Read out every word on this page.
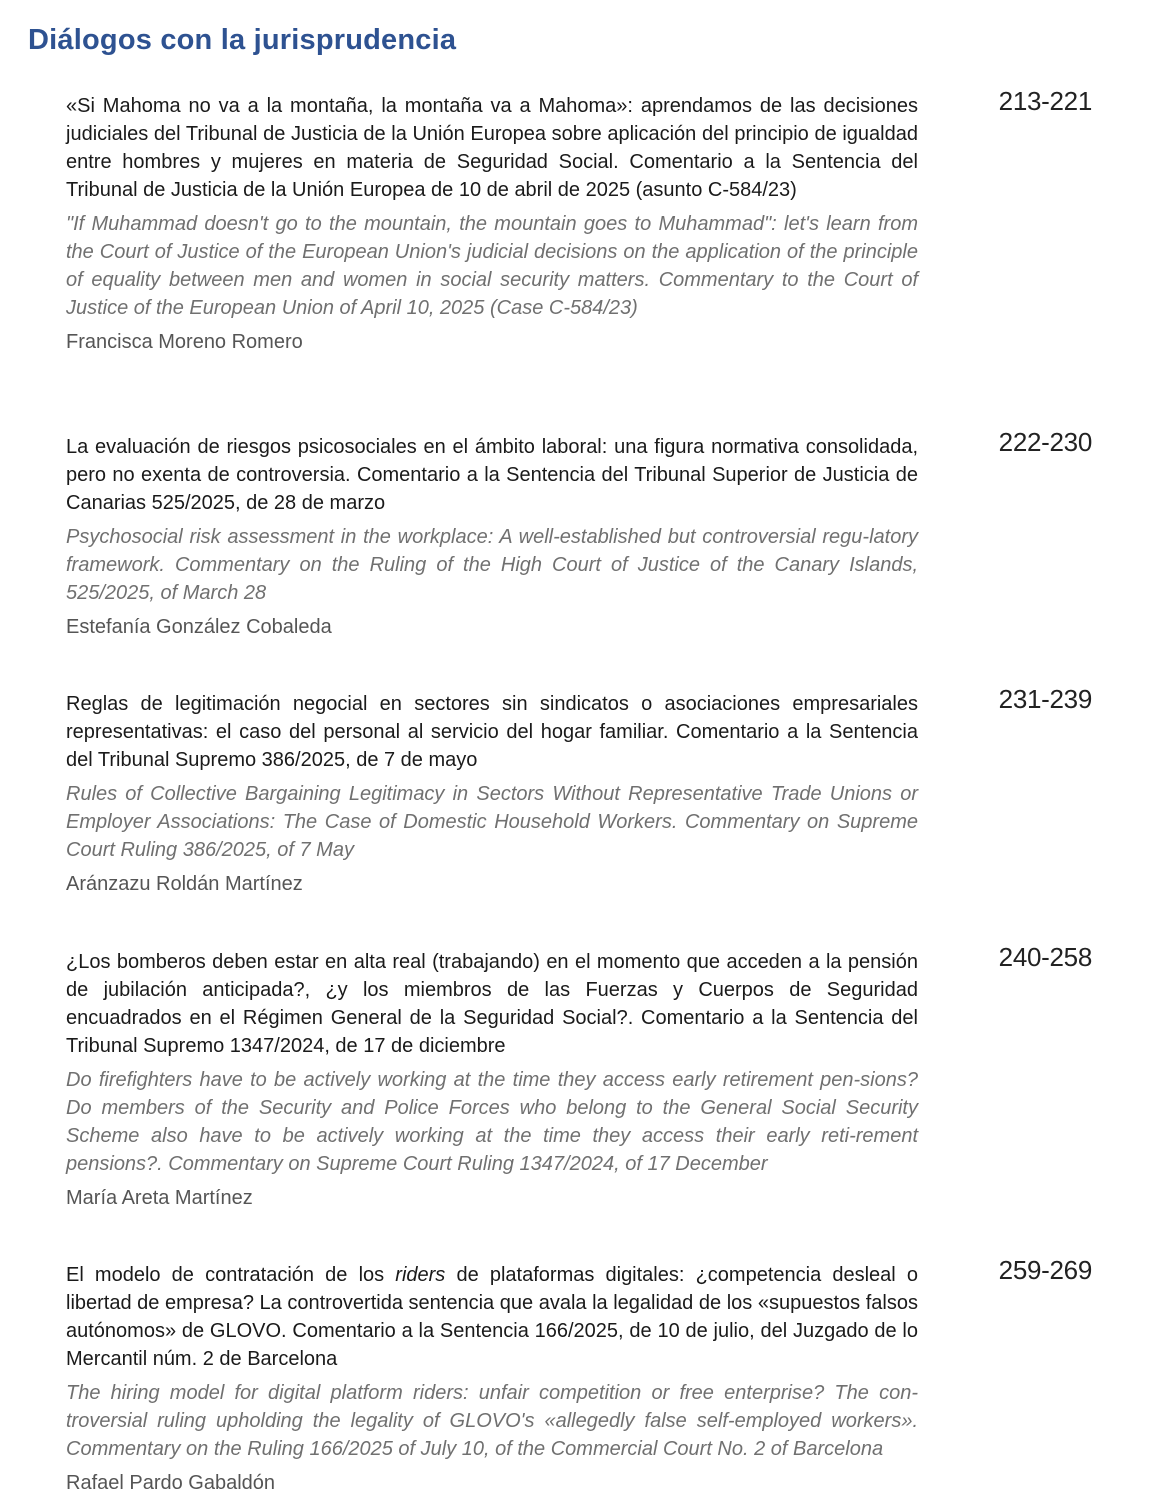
Diálogos con la jurisprudencia

«Si Mahoma no va a la montaña, la montaña va a Mahoma»: aprendamos de las decisiones judiciales del Tribunal de Justicia de la Unión Europea sobre aplicación del principio de igualdad entre hombres y mujeres en materia de Seguridad Social. Comentario a la Sentencia del Tribunal de Justicia de la Unión Europea de 10 de abril de 2025 (asunto C-584/23)

"If Muhammad doesn't go to the mountain, the mountain goes to Muhammad": let's learn from the Court of Justice of the European Union's judicial decisions on the application of the principle of equality between men and women in social security matters. Commentary to the Court of Justice of the European Union of April 10, 2025 (Case C-584/23)

Francisca Moreno Romero

213-221

La evaluación de riesgos psicosociales en el ámbito laboral: una figura normativa consolidada, pero no exenta de controversia. Comentario a la Sentencia del Tribunal Superior de Justicia de Canarias 525/2025, de 28 de marzo

Psychosocial risk assessment in the workplace: A well-established but controversial regu-latory framework. Commentary on the Ruling of the High Court of Justice of the Canary Islands, 525/2025, of March 28

Estefanía González Cobaleda

222-230

Reglas de legitimación negocial en sectores sin sindicatos o asociaciones empresariales representativas: el caso del personal al servicio del hogar familiar. Comentario a la Sentencia del Tribunal Supremo 386/2025, de 7 de mayo

Rules of Collective Bargaining Legitimacy in Sectors Without Representative Trade Unions or Employer Associations: The Case of Domestic Household Workers. Commentary on Supreme Court Ruling 386/2025, of 7 May

Aránzazu Roldán Martínez

231-239

¿Los bomberos deben estar en alta real (trabajando) en el momento que acceden a la pensión de jubilación anticipada?, ¿y los miembros de las Fuerzas y Cuerpos de Seguridad encuadrados en el Régimen General de la Seguridad Social?. Comentario a la Sentencia del Tribunal Supremo 1347/2024, de 17 de diciembre

Do firefighters have to be actively working at the time they access early retirement pen-sions? Do members of the Security and Police Forces who belong to the General Social Security Scheme also have to be actively working at the time they access their early reti-rement pensions?. Commentary on Supreme Court Ruling 1347/2024, of 17 December

María Areta Martínez

240-258

El modelo de contratación de los riders de plataformas digitales: ¿competencia desleal o libertad de empresa? La controvertida sentencia que avala la legalidad de los «supuestos falsos autónomos» de GLOVO. Comentario a la Sentencia 166/2025, de 10 de julio, del Juzgado de lo Mercantil núm. 2 de Barcelona

The hiring model for digital platform riders: unfair competition or free enterprise? The con-troversial ruling upholding the legality of GLOVO's «allegedly false self-employed workers». Commentary on the Ruling 166/2025 of July 10, of the Commercial Court No. 2 of Barcelona

Rafael Pardo Gabaldón

259-269
